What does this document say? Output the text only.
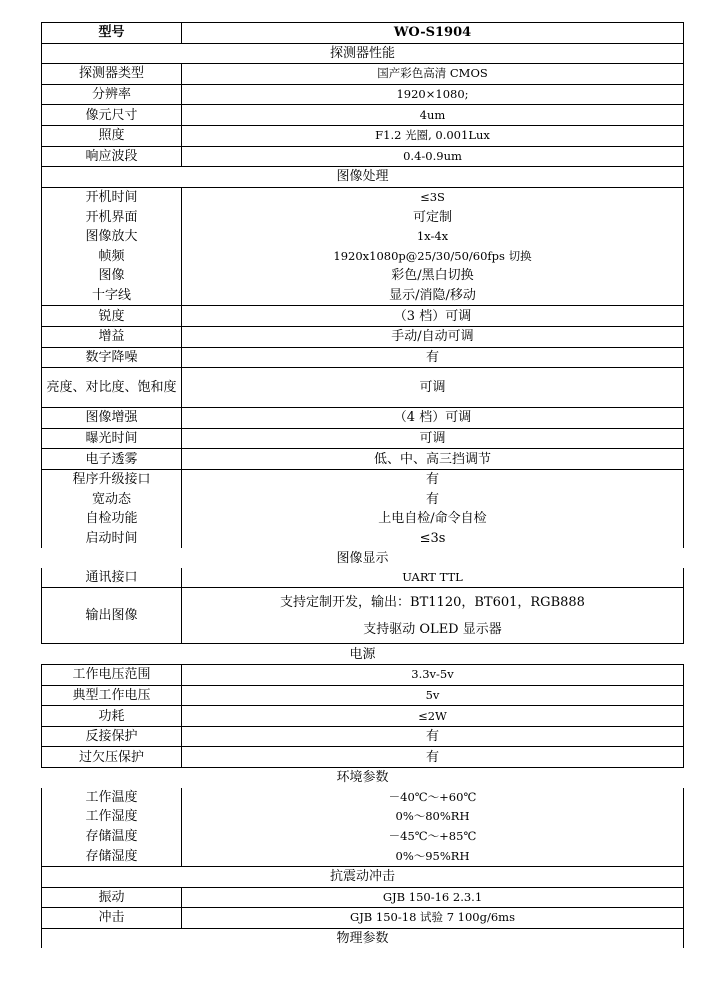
型号	WO-S1904
探测器性能	
探测器类型	国产彩色高清 CMOS
分辨率	1920×1080;
像元尺寸	4um
照度	F1.2 光圈, 0.001Lux
响应波段	0.4-0.9um
图像处理	
开机时间	≤3S
开机界面	可定制
图像放大	1x-4x
帧频	1920x1080p@25/30/50/60fps 切换
图像	彩色/黑白切换
十字线	显示/消隐/移动
锐度	（3 档）可调
增益	手动/自动可调
数字降噪	有
亮度、对比度、饱和度	可调
图像增强	（4 档）可调
曝光时间	可调
电子透雾	低、中、高三挡调节
程序升级接口	有
宽动态	有
自检功能	上电自检/命令自检
启动时间	≤3s
图像显示	
通讯接口	UART TTL
输出图像	支持定制开发，输出：BT1120，BT601，RGB888
支持驱动 OLED 显示器

电源	
工作电压范围	3.3v-5v
典型工作电压	5v
功耗	≤2W
反接保护	有
过欠压保护	有
环境参数	
工作温度	－40℃～+60℃
工作湿度	0%～80%RH
存储温度	－45℃～+85℃
存储湿度	0%～95%RH
抗震动冲击	
振动	GJB 150-16 2.3.1
冲击	GJB 150-18 试验 7 100g/6ms
物理参数	
